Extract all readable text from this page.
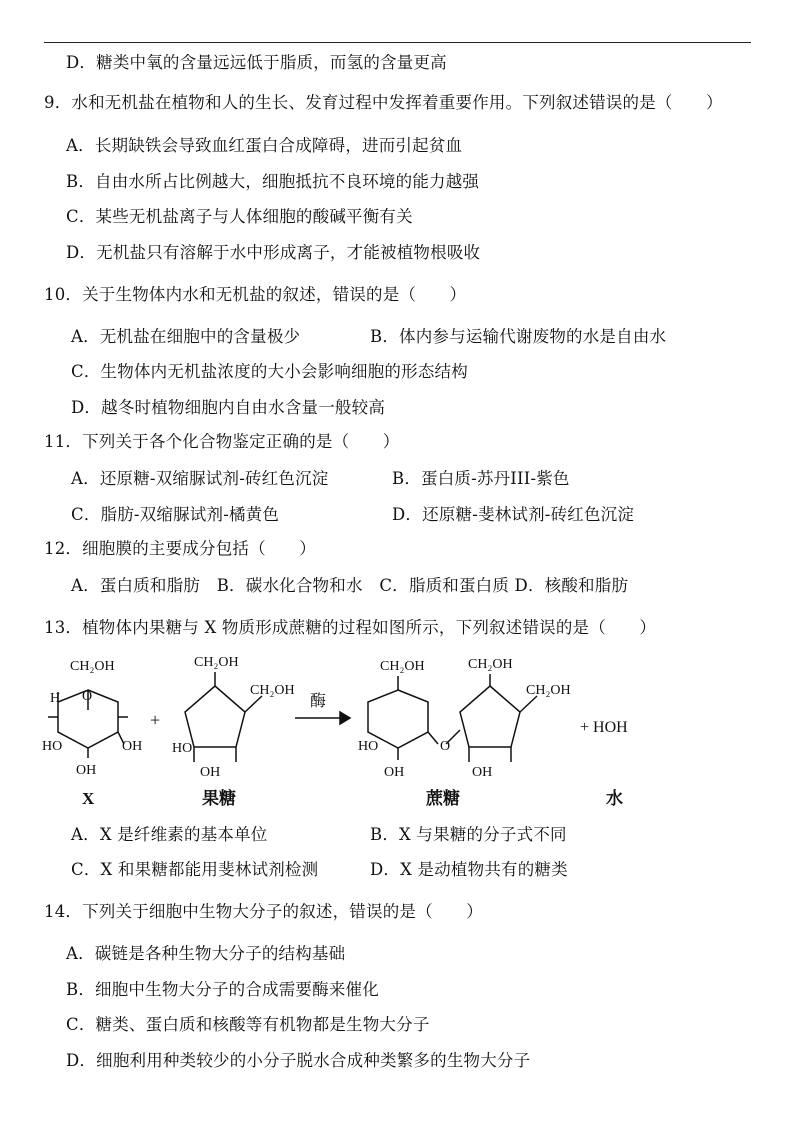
D．糖类中氧的含量远远低于脂质，而氢的含量更高
9．水和无机盐在植物和人的生长、发育过程中发挥着重要作用。下列叙述错误的是（　　）
A．长期缺铁会导致血红蛋白合成障碍，进而引起贫血
B．自由水所占比例越大，细胞抵抗不良环境的能力越强
C．某些无机盐离子与人体细胞的酸碱平衡有关
D．无机盐只有溶解于水中形成离子，才能被植物根吸收
10．关于生物体内水和无机盐的叙述，错误的是（　　）
A．无机盐在细胞中的含量极少	B．体内参与运输代谢废物的水是自由水
C．生物体内无机盐浓度的大小会影响细胞的形态结构
D．越冬时植物细胞内自由水含量一般较高
11．下列关于各个化合物鉴定正确的是（　　）
A．还原糖-双缩脲试剂-砖红色沉淀	B．蛋白质-苏丹III-紫色
C．脂肪-双缩脲试剂-橘黄色	D．还原糖-斐林试剂-砖红色沉淀
12．细胞膜的主要成分包括（　　）
A．蛋白质和脂肪　B．碳水化合物和水　C．脂质和蛋白质 D．核酸和脂肪
13．植物体内果糖与 X 物质形成蔗糖的过程如图所示，下列叙述错误的是（　　）
CH₂OH
O
H
HO	OH
OH
+
CH₂OH
CH₂OH
HO
OH
酶
CH₂OH
HO
OH
O
CH₂OH
CH₂OH
OH
+ HOH
X	果糖	蔗糖	水
A．X 是纤维素的基本单位	B．X 与果糖的分子式不同
C．X 和果糖都能用斐林试剂检测	D．X 是动植物共有的糖类
14．下列关于细胞中生物大分子的叙述，错误的是（　　）
A．碳链是各种生物大分子的结构基础
B．细胞中生物大分子的合成需要酶来催化
C．糖类、蛋白质和核酸等有机物都是生物大分子
D．细胞利用种类较少的小分子脱水合成种类繁多的生物大分子
